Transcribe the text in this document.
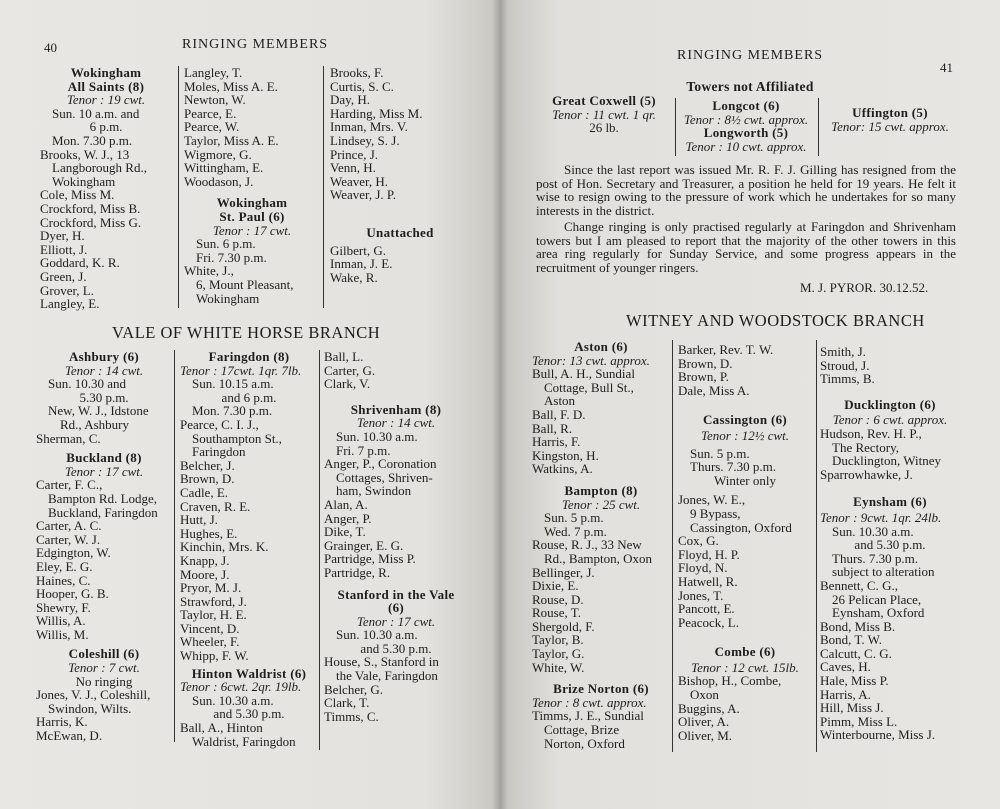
40	RINGING MEMBERS
Wokingham
All Saints (8)
Tenor : 19 cwt.
Sun. 10 a.m. and
6 p.m.
Mon. 7.30 p.m.
Brooks, W. J., 13
Langborough Rd.,
Wokingham
Cole, Miss M.
Crockford, Miss B.
Crockford, Miss G.
Dyer, H.
Elliott, J.
Goddard, K. R.
Green, J.
Grover, L.
Langley, E.
Langley, T.
Moles, Miss A. E.
Newton, W.
Pearce, E.
Pearce, W.
Taylor, Miss A. E.
Wigmore, G.
Wittingham, E.
Woodason, J.
Wokingham
St. Paul (6)
Tenor : 17 cwt.
Sun. 6 p.m.
Fri. 7.30 p.m.
White, J.,
6, Mount Pleasant,
Wokingham
Brooks, F.
Curtis, S. C.
Day, H.
Harding, Miss M.
Inman, Mrs. V.
Lindsey, S. J.
Prince, J.
Venn, H.
Weaver, H.
Weaver, J. P.
Unattached
Gilbert, G.
Inman, J. E.
Wake, R.
VALE OF WHITE HORSE BRANCH
Ashbury (6)
Tenor : 14 cwt.
Sun. 10.30 and
5.30 p.m.
New, W. J., Idstone
Rd., Ashbury
Sherman, C.
Buckland (8)
Tenor : 17 cwt.
Carter, F. C.,
Bampton Rd. Lodge,
Buckland, Faringdon
Carter, A. C.
Carter, W. J.
Edgington, W.
Eley, E. G.
Haines, C.
Hooper, G. B.
Shewry, F.
Willis, A.
Willis, M.
Coleshill (6)
Tenor : 7 cwt.
No ringing
Jones, V. J., Coleshill,
Swindon, Wilts.
Harris, K.
McEwan, D.
Faringdon (8)
Tenor : 17cwt. 1qr. 7lb.
Sun. 10.15 a.m.
and 6 p.m.
Mon. 7.30 p.m.
Pearce, C. I. J.,
Southampton St.,
Faringdon
Belcher, J.
Brown, D.
Cadle, E.
Craven, R. E.
Hutt, J.
Hughes, E.
Kinchin, Mrs. K.
Knapp, J.
Moore, J.
Pryor, M. J.
Strawford, J.
Taylor, H. E.
Vincent, D.
Wheeler, F.
Whipp, F. W.
Hinton Waldrist (6)
Tenor : 6cwt. 2qr. 19lb.
Sun. 10.30 a.m.
and 5.30 p.m.
Ball, A., Hinton
Waldrist, Faringdon
Ball, L.
Carter, G.
Clark, V.
Shrivenham (8)
Tenor : 14 cwt.
Sun. 10.30 a.m.
Fri. 7 p.m.
Anger, P., Coronation
Cottages, Shriven-
ham, Swindon
Alan, A.
Anger, P.
Dike, T.
Grainger, E. G.
Partridge, Miss P.
Partridge, R.
Stanford in the Vale
(6)
Tenor : 17 cwt.
Sun. 10.30 a.m.
and 5.30 p.m.
House, S., Stanford in
the Vale, Faringdon
Belcher, G.
Clark, T.
Timms, C.
RINGING MEMBERS
41
Towers not Affiliated
Great Coxwell (5)
Tenor : 11 cwt. 1 qr.
26 lb.
Longcot (6)
Tenor : 8½ cwt. approx.
Longworth (5)
Tenor : 10 cwt. approx.
Uffington (5)
Tenor: 15 cwt. approx.
Since the last report was issued Mr. R. F. J. Gilling has resigned from the post of Hon. Secretary and Treasurer, a position he held for 19 years. He felt it wise to resign owing to the pressure of work which he undertakes for so many interests in the district.
Change ringing is only practised regularly at Faringdon and Shrivenham towers but I am pleased to report that the majority of the other towers in this area ring regularly for Sunday Service, and some progress appears in the recruitment of younger ringers.
M. J. PYROR. 30.12.52.
WITNEY AND WOODSTOCK BRANCH
Aston (6)
Tenor: 13 cwt. approx.
Bull, A. H., Sundial
Cottage, Bull St.,
Aston
Ball, F. D.
Ball, R.
Harris, F.
Kingston, H.
Watkins, A.
Bampton (8)
Tenor : 25 cwt.
Sun. 5 p.m.
Wed. 7 p.m.
Rouse, R. J., 33 New
Rd., Bampton, Oxon
Bellinger, J.
Dixie, E.
Rouse, D.
Rouse, T.
Shergold, F.
Taylor, B.
Taylor, G.
White, W.
Brize Norton (6)
Tenor : 8 cwt. approx.
Timms, J. E., Sundial
Cottage, Brize
Norton, Oxford
Barker, Rev. T. W.
Brown, D.
Brown, P.
Dale, Miss A.
Cassington (6)
Tenor : 12½ cwt.
Sun. 5 p.m.
Thurs. 7.30 p.m.
Winter only
Jones, W. E.,
9 Bypass,
Cassington, Oxford
Cox, G.
Floyd, H. P.
Floyd, N.
Hatwell, R.
Jones, T.
Pancott, E.
Peacock, L.
Combe (6)
Tenor : 12 cwt. 15lb.
Bishop, H., Combe,
Oxon
Buggins, A.
Oliver, A.
Oliver, M.
Smith, J.
Stroud, J.
Timms, B.
Ducklington (6)
Tenor : 6 cwt. approx.
Hudson, Rev. H. P.,
The Rectory,
Ducklington, Witney
Sparrowhawke, J.
Eynsham (6)
Tenor : 9cwt. 1qr. 24lb.
Sun. 10.30 a.m.
and 5.30 p.m.
Thurs. 7.30 p.m.
subject to alteration
Bennett, C. G.,
26 Pelican Place,
Eynsham, Oxford
Bond, Miss B.
Bond, T. W.
Calcutt, C. G.
Caves, H.
Hale, Miss P.
Harris, A.
Hill, Miss J.
Pimm, Miss L.
Winterbourne, Miss J.
